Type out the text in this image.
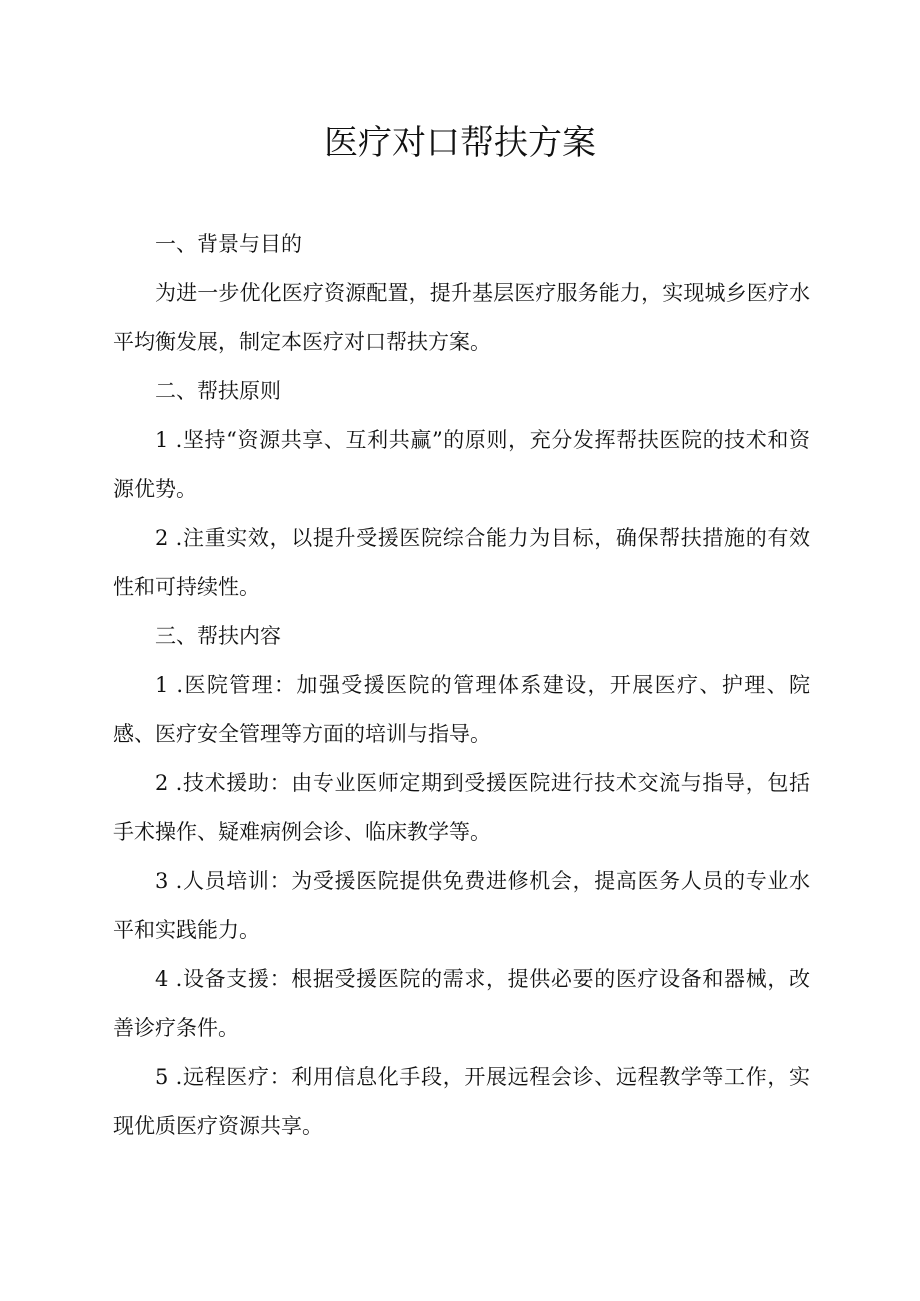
医疗对口帮扶方案

一、背景与目的

为进一步优化医疗资源配置，提升基层医疗服务能力，实现城乡医疗水平均衡发展，制定本医疗对口帮扶方案。

二、帮扶原则

1 .坚持“资源共享、互利共赢”的原则，充分发挥帮扶医院的技术和资源优势。

2 .注重实效，以提升受援医院综合能力为目标，确保帮扶措施的有效性和可持续性。

三、帮扶内容

1 .医院管理：加强受援医院的管理体系建设，开展医疗、护理、院感、医疗安全管理等方面的培训与指导。

2 .技术援助：由专业医师定期到受援医院进行技术交流与指导，包括手术操作、疑难病例会诊、临床教学等。

3 .人员培训：为受援医院提供免费进修机会，提高医务人员的专业水平和实践能力。

4 .设备支援：根据受援医院的需求，提供必要的医疗设备和器械，改善诊疗条件。

5 .远程医疗：利用信息化手段，开展远程会诊、远程教学等工作，实现优质医疗资源共享。
